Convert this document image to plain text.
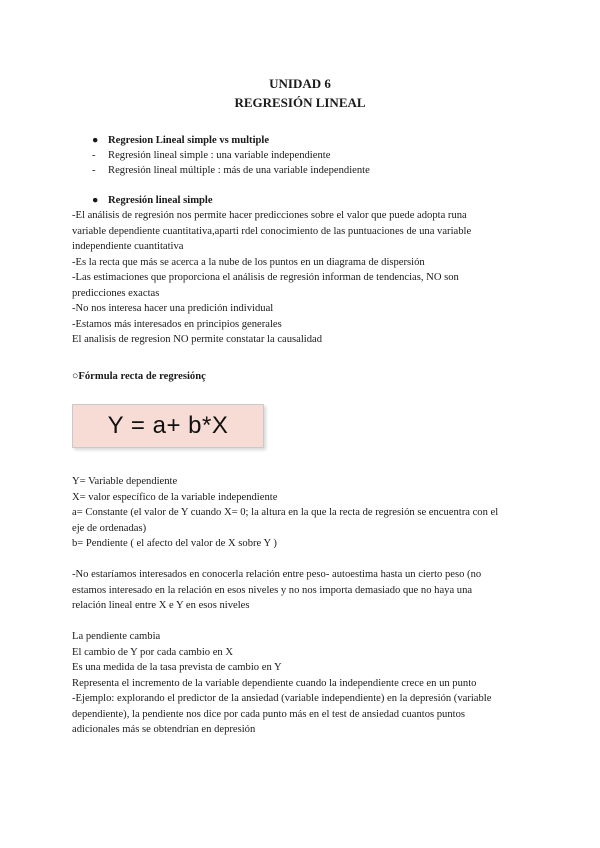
UNIDAD 6
REGRESIÓN LINEAL
● Regresion Lineal simple vs multiple
- Regresión lineal simple : una variable independiente
- Regresión lineal múltiple : más de una variable independiente
● Regresión lineal simple
-El análisis de regresión nos permite hacer predicciones sobre el valor que puede adopta runa
variable dependiente cuantitativa,aparti rdel conocimiento de las puntuaciones de una variable
independiente cuantitativa
-Es la recta que más se acerca a la nube de los puntos en un diagrama de dispersión
-Las estimaciones que proporciona el análisis de regresión informan de tendencias, NO son
predicciones exactas
-No nos interesa hacer una predición individual
-Estamos más interesados en principios generales
El analisis de regresion NO permite constatar la causalidad
○Fórmula recta de regresiónç
Y = a+ b*X
Y= Variable dependiente
X= valor específico de la variable independiente
a= Constante (el valor de Y cuando X= 0; la altura en la que la recta de regresión se encuentra con el
eje de ordenadas)
b= Pendiente ( el afecto del valor de X sobre Y )
-No estaríamos interesados en conocerla relación entre peso- autoestima hasta un cierto peso (no
estamos interesado en la relación en esos niveles y no nos importa demasiado que no haya una
relación lineal entre X e Y en esos niveles
La pendiente cambia
El cambio de Y por cada cambio en X
Es una medida de la tasa prevista de cambio en Y
Representa el incremento de la variable dependiente cuando la independiente crece en un punto
-Ejemplo: explorando el predictor de la ansiedad (variable independiente) en la depresión (variable
dependiente), la pendiente nos dice por cada punto más en el test de ansiedad cuantos puntos
adicionales más se obtendrían en depresión
